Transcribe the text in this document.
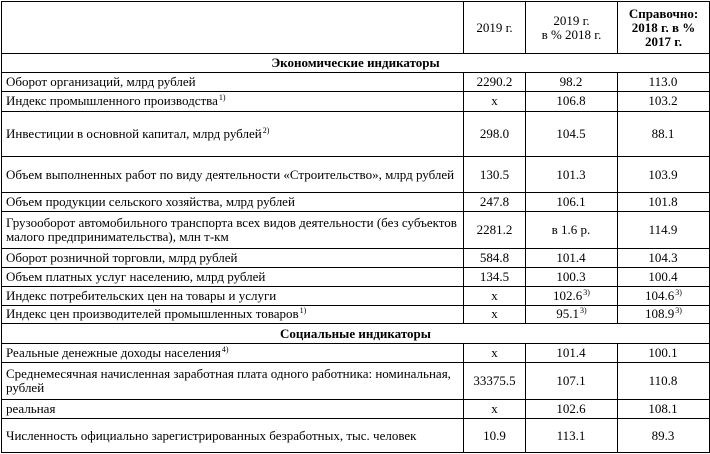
	2019 г.	2019 г.
в % 2018 г.	Справочно:
2018 г. в %
2017 г.
Экономические индикаторы			
Оборот организаций, млрд рублей	2290.2	98.2	113.0
Индекс промышленного производства$^{1)}$	x	106.8	103.2
Инвестиции в основной капитал, млрд рублей$^{2)}$	298.0	104.5	88.1
Объем выполненных работ по виду деятельности «Строительство», млрд рублей	130.5	101.3	103.9
Объем продукции сельского хозяйства, млрд рублей	247.8	106.1	101.8
Грузооборот автомобильного транспорта всех видов деятельности (без субъектов малого предпринимательства), млн т-км	2281.2	в 1.6 р.	114.9
Оборот розничной торговли, млрд рублей	584.8	101.4	104.3
Объем платных услуг населению, млрд рублей	134.5	100.3	100.4
Индекс потребительских цен на товары и услуги	x	102.6$^{3)}$	104.6$^{3)}$
Индекс цен производителей промышленных товаров$^{1)}$	x	95.1$^{3)}$	108.9$^{3)}$
Социальные индикаторы			
Реальные денежные доходы населения$^{4)}$	x	101.4	100.1
Среднемесячная начисленная заработная плата одного работника: номинальная, рублей	33375.5	107.1	110.8
реальная	x	102.6	108.1
Численность официально зарегистрированных безработных, тыс. человек	10.9	113.1	89.3
